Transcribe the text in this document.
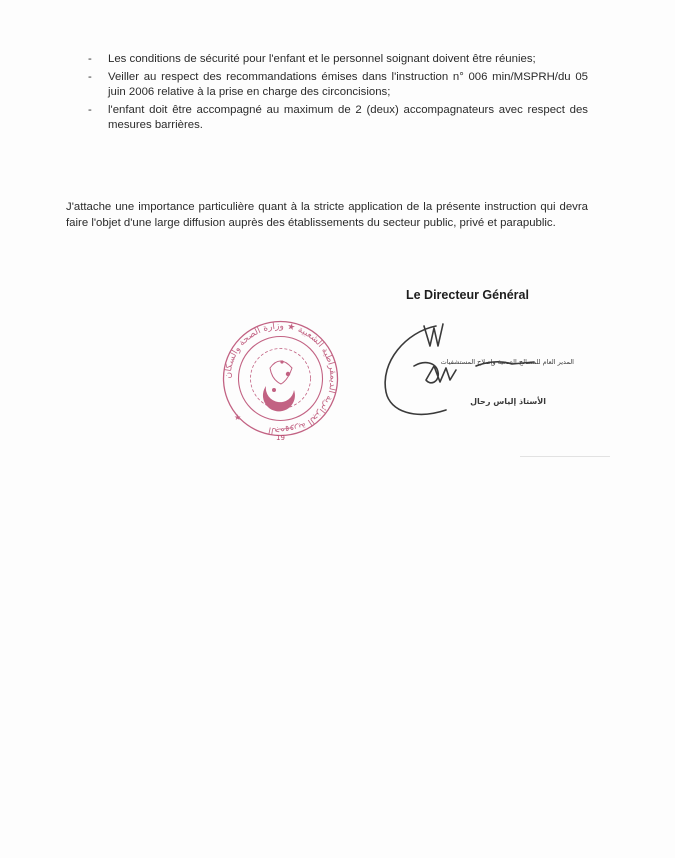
- Les conditions de sécurité pour l'enfant et le personnel soignant doivent être réunies;
- Veiller au respect des recommandations émises dans l'instruction n° 006 min/MSPRH/du 05 juin 2006 relative à la prise en charge des circoncisions;
- l'enfant doit être accompagné au maximum de 2 (deux) accompagnateurs avec respect des mesures barrières.

J'attache une importance particulière quant à la stricte application de la présente instruction qui devra faire l'objet d'une large diffusion auprès des établissements du secteur public, privé et parapublic.

Le Directeur Général
﻿الجمهورية الجزائرية الديمقراطية الشعبية ★ وزارة الصحة والسكان
★
19
المدير العام للمصالح الصحية وإصلاح المستشفيات
الأستاذ إلياس رحال
